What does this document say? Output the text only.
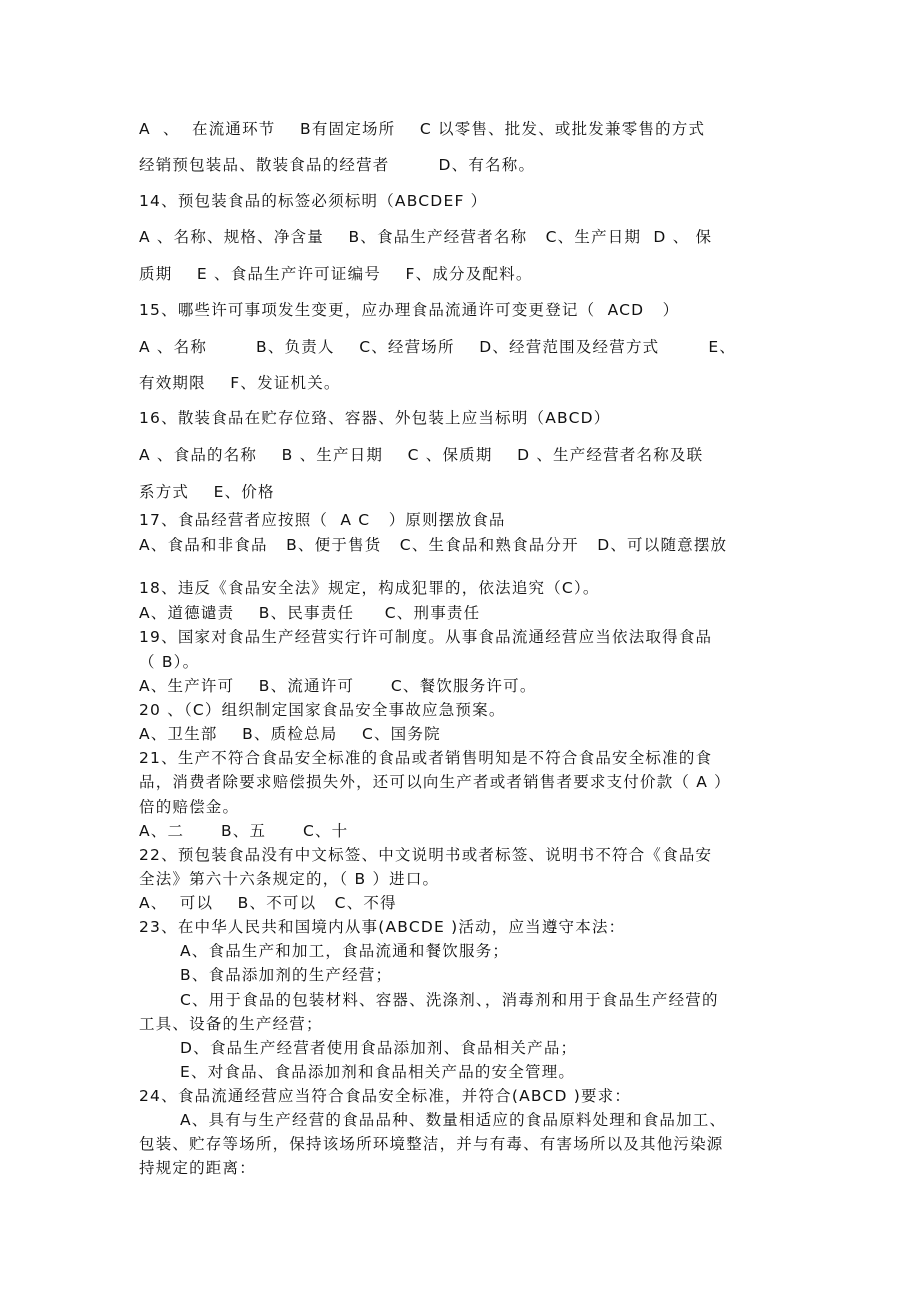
A  、  在流通环节    B有固定场所    C 以零售、批发、或批发兼零售的方式
经销预包装品、散装食品的经营者        D、有名称。
14、预包装食品的标签必须标明（ABCDEF ）
A 、名称、规格、净含量    B、食品生产经营者名称   C、生产日期  D 、 保
质期    E 、食品生产许可证编号    F、成分及配料。
15、哪些许可事项发生变更，应办理食品流通许可变更登记（  ACD   ）
A 、名称        B、负责人    C、经营场所    D、经营范围及经营方式        E、
有效期限    F、发证机关。
16、散装食品在贮存位臵、容器、外包装上应当标明（ABCD）
A 、食品的名称    B 、生产日期    C 、保质期    D 、生产经营者名称及联
系方式    E、价格
17、食品经营者应按照（  A C   ）原则摆放食品
A、食品和非食品   B、便于售货   C、生食品和熟食品分开   D、可以随意摆放
18、违反《食品安全法》规定，构成犯罪的，依法追究（C）。
A、道德谴责    B、民事责任     C、刑事责任
19、国家对食品生产经营实行许可制度。从事食品流通经营应当依法取得食品
（ B）。
A、生产许可    B、流通许可      C、餐饮服务许可。
20 、（C）组织制定国家食品安全事故应急预案。
A、卫生部    B、质检总局    C、国务院
21、生产不符合食品安全标准的食品或者销售明知是不符合食品安全标准的食
品，消费者除要求赔偿损失外，还可以向生产者或者销售者要求支付价款（ A ）
倍的赔偿金。
A、二      B、五      C、十
22、预包装食品没有中文标签、中文说明书或者标签、说明书不符合《食品安
全法》第六十六条规定的，（ B ）进口。
A、  可以    B、不可以   C、不得
23、在中华人民共和国境内从事(ABCDE )活动，应当遵守本法：
A、食品生产和加工，食品流通和餐饮服务；
B、食品添加剂的生产经营；
C、用于食品的包装材料、容器、洗涤剂、，消毒剂和用于食品生产经营的
工具、设备的生产经营；
D、食品生产经营者使用食品添加剂、食品相关产品；
E、对食品、食品添加剂和食品相关产品的安全管理。
24、食品流通经营应当符合食品安全标准，并符合(ABCD )要求：
A、具有与生产经营的食品品种、数量相适应的食品原料处理和食品加工、
包装、贮存等场所，保持该场所环境整洁，并与有毒、有害场所以及其他污染源
持规定的距离：
